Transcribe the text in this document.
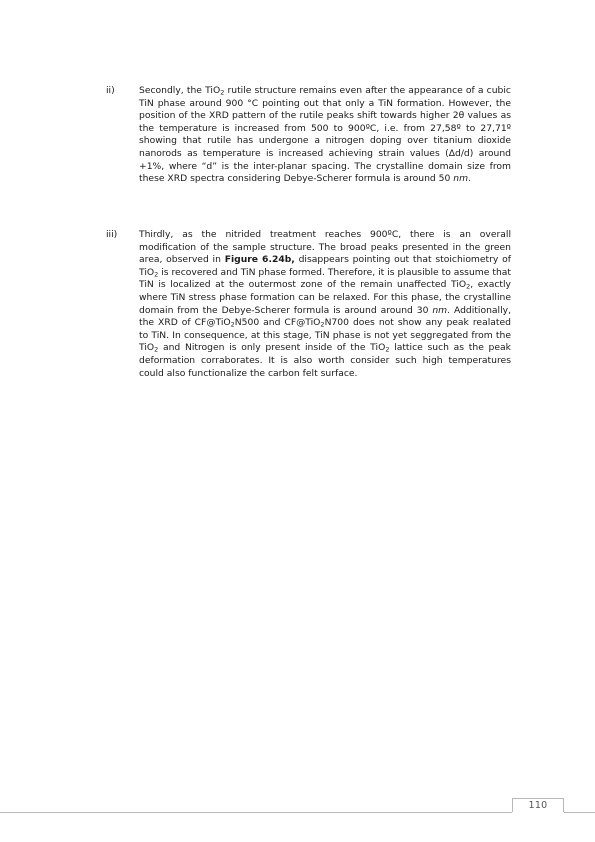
ii)	Secondly, the TiO$_2$ rutile structure remains even after the appearance of a cubic TiN phase around 900 °C pointing out that only a TiN formation. However, the position of the XRD pattern of the rutile peaks shift towards higher 2θ values as the temperature is increased from 500 to 900ºC, i.e. from 27,58º to 27,71º showing that rutile has undergone a nitrogen doping over titanium dioxide nanorods as temperature is increased achieving strain values (Δd/d) around +1%, where “d” is the inter-planar spacing. The crystalline domain size from these XRD spectra considering Debye-Scherer formula is around 50 nm.

iii) Thirdly, as the nitrided treatment reaches 900ºC, there is an overall modification of the sample structure. The broad peaks presented in the green area, observed in Figure 6.24b, disappears pointing out that stoichiometry of TiO$_2$ is recovered and TiN phase formed. Therefore, it is plausible to assume that TiN is localized at the outermost zone of the remain unaffected TiO$_2$, exactly where TiN stress phase formation can be relaxed. For this phase, the crystalline domain from the Debye-Scherer formula is around around 30 nm. Additionally, the XRD of CF@TiO$_2$N500 and CF@TiO$_2$N700 does not show any peak realated to TiN. In consequence, at this stage, TiN phase is not yet seggregated from the TiO$_2$ and Nitrogen is only present inside of the TiO$_2$ lattice such as the peak deformation corraborates. It is also worth consider such high temperatures could also functionalize the carbon felt surface.

110
